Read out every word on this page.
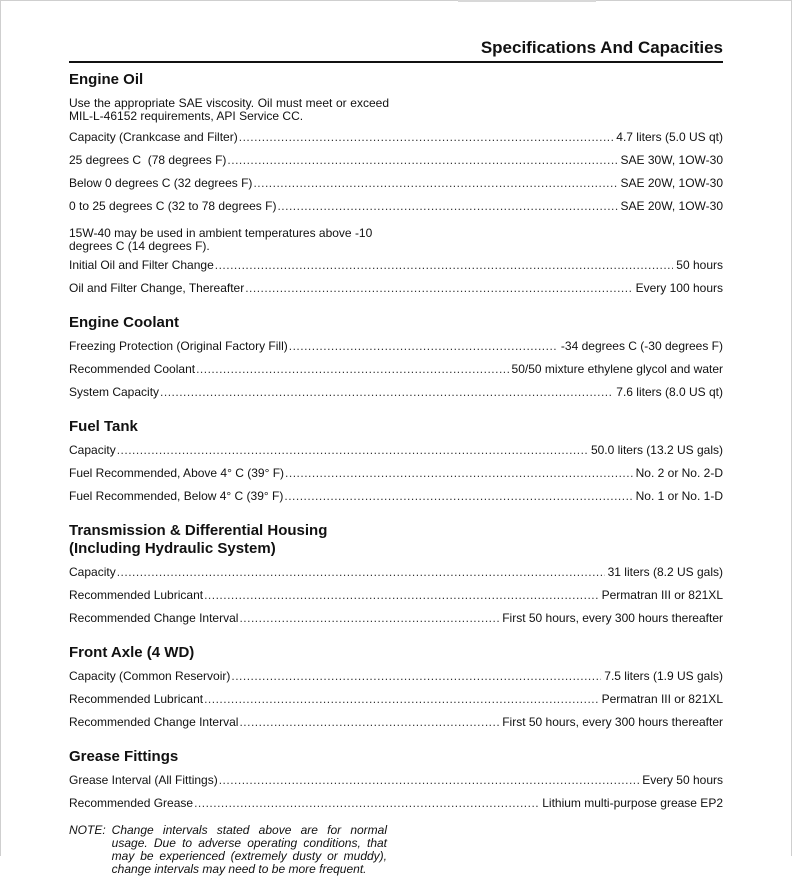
Specifications And Capacities
Engine Oil

Use the appropriate SAE viscosity. Oil must meet or exceed MIL-L-46152 requirements, API Service CC.

Capacity (Crankcase and Filter) .....	4.7 liters (5.0 US qt)
25 degrees C  (78 degrees F) .....	SAE 30W, 1OW-30
Below 0 degrees C (32 degrees F) .....	SAE 20W, 1OW-30
0 to 25 degrees C (32 to 78 degrees F) .....	SAE 20W, 1OW-30

15W-40 may be used in ambient temperatures above -10 degrees C (14 degrees F).

Initial Oil and Filter Change .....	50 hours
Oil and Filter Change, Thereafter .....	Every 100 hours
Engine Coolant
Freezing Protection (Original Factory Fill) .....	-34 degrees C (-30 degrees F)
Recommended Coolant .....	50/50 mixture ethylene glycol and water
System Capacity .....	7.6 liters (8.0 US qt)
Fuel Tank
Capacity .....	50.0 liters (13.2 US gals)
Fuel Recommended, Above 4° C (39° F) .....	No. 2 or No. 2-D
Fuel Recommended, Below 4° C (39° F) .....	No. 1 or No. 1-D
Transmission & Differential Housing
(Including Hydraulic System)
Capacity .....	31 liters (8.2 US gals)
Recommended Lubricant .....	Permatran III or 821XL
Recommended Change Interval .....	First 50 hours, every 300 hours thereafter
Front Axle (4 WD)
Capacity (Common Reservoir) .....	7.5 liters (1.9 US gals)
Recommended Lubricant .....	Permatran III or 821XL
Recommended Change Interval .....	First 50 hours, every 300 hours thereafter
Grease Fittings
Grease Interval (All Fittings) .....	Every 50 hours
Recommended Grease .....	Lithium multi-purpose grease EP2
NOTE: Change intervals stated above are for normal usage. Due to adverse operating conditions, that may be experienced (extremely dusty or muddy), change intervals may need to be more frequent.
